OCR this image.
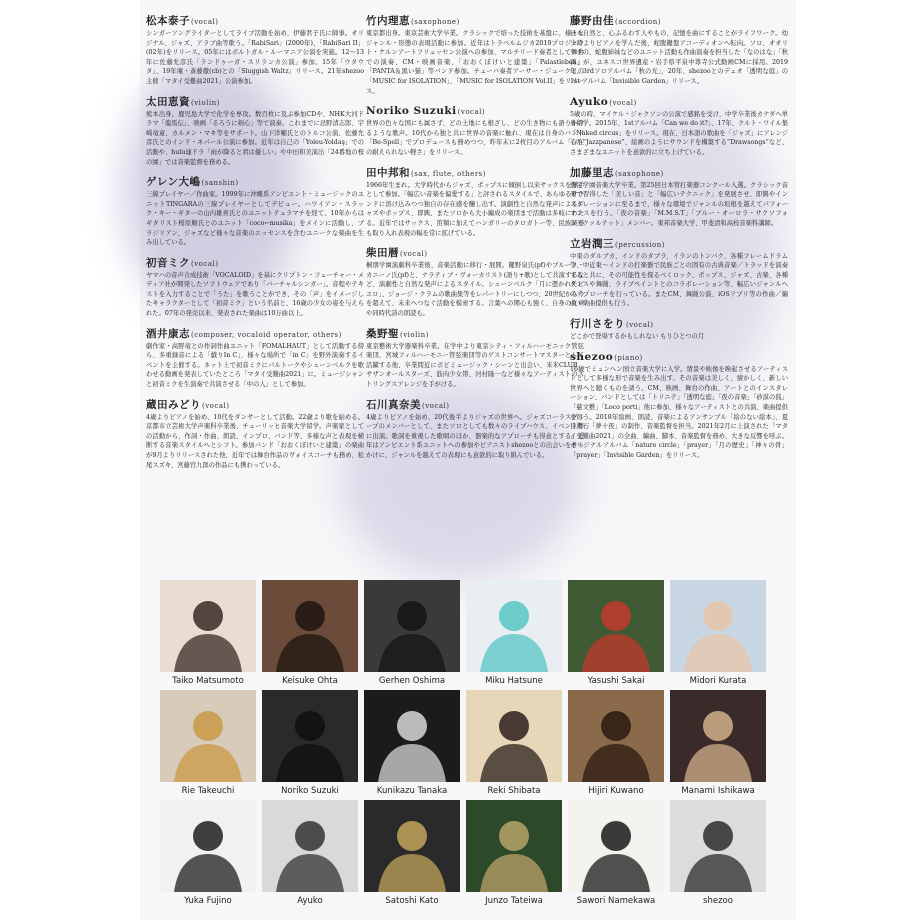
松本泰子(vocal)
シンガーソングライターとしてライブ活動を始め、伊藤君子氏に師事。オリジナル、ジャズ、アラブ曲等歌う。「RabiSari」(2000年)、「RabiSari II」(02年)をリリース。05年にはボルトガル・ルーマニア公演を実施。12〜13年に佐藤允彦氏「ランドゥーガ・スリランカ公演」参加。15年「ウタウタ」、19年庵・斎藤徹(cb)との「Sluggish Waltz」リリース。21年shezoo主催「マタイ受難曲2021」公演参加。
太田恵資(violin)
熊本出身。鹿児島大学で化学を専攻。数百枚に及ぶ参加CDや、NHK大河ドラマ「龍馬伝」、映画「るろうに剣心」等で演奏。これまでに忌野清志郎、宇崎竜童、カルメン・マキ等をサポート。山下洋輔氏とのトルコ公演、佐藤允彦氏とのインド・ネパール公演に参加。近年は自己の「Yoleu-Yoldaş」での活動や、hulu連ドラ「雨が降ると君は優しい」や中田和美演出「24番地の桜の園」では音楽監督を務める。
ゲレン大嶋(sanshin)
三線プレイヤー／作曲家。1999年に沖縄系アンビエント・ミュージックのユニットTINGARAの三線プレイヤーとしてデビュー。ハワイアン・スラック・キー・ギターの山内雄喜氏とのユニットテュラマチを経て、10年からはギタリスト桜原順氏とのユニット「coco←musika」をメインに活動し、ブラジリアン、ジャズなど様々な音楽のエッセンスを含むユニークな楽曲を生み出している。
初音ミク(vocal)
ヤマハの音声合成技術「VOCALOID」を基にクリプトン・フューチャー・メディア社が開発したソフトウェアであり「バーチャルシンガー」。音程やテキストを入力することで「うた」を歌うことができ、その「声」をイメージしたキャラクターとして「初音ミク」という名前と、16歳の少女の姿を与えられた。07年の発売以来、発表された楽曲は10万曲以上。
酒井康志(composer, vocaloid operator, others)
劇作家・高野竜との作詞作曲ユニット「FOMALHAUT」として活動する傍ら、多重録音による「戯りIn C」、様々な場所で「in C」を野外演奏するイベントを主催する。ネット上で初音ミクにパルトークやシェーンベルクを歌わせる動画を発表していたところ「マタイ受難曲2021」に。ミュージシャンと初音ミクを生演奏で共演させる「中の人」として参加。
蔵田みどり(vocal)
4歳よりピアノを始め、10代をダンサーとして活動。22歳より歌を始める。京都市立芸術大学声楽科卒業後、チューリッヒ音楽大学留学。声楽家としての活動から、作詞・作曲、朗読、インプロ、バンド等、多様な声と表現を横断する音楽スタイルへとシフト。参加バンド「おおくぼけいと建築」の楽曲が9月よりリリースされた他、近年では舞台作品のヴォイスコーチも務め、松尾スズキ、宮藤官九郎の作品にも携わっている。
竹内理恵(saxophone)
東京都出身。東京芸術大学卒業。クラシックで培った技術を基盤に、様々なジャンル・形態の表現活動に参加。近年はトラベルムジカ2019プロジェクト・ケルンアートフリュッセン公演への参加、マルチリード奏者として舞台での演奏、CM・映画音楽、「おおくぼけいと建築」「Palastleben」「PANTA＆黒い猫」等バンド参加。チューバ奏者アーサー・ジュークとの「MUSIC for ISOLATION」、「MUSIC for ISOLATION Vol.II」をリリース。
Noriko Suzuki(vocal)
世界の色々な国にも属さず、どの土地にも根ざし、どの生き物にも語りかけるような歌声。10代から独と共に世界の音楽に触れ、現在は自身のバンド「Be-Spell」でプロデュースも務めつつ、昨年末に2枚目のアルバム「存在の耐えられない軽さ」をリリース。
田中邦和(sax, flute, others)
1966年生まれ。大学時代からジャズ、ポップスに傾倒し以来サックスを弾手として参加。「幅広い音楽を偏愛する」と評されるスタイルで、あらゆるサウンドに溶け込みつつ独自の存在感を醸し出す。演劇性と自然な発声によるジャズやポップス、即興、またソロから大小編成の楽団まで活動は多岐にわたる。近年ではサックス、笛類に加えてハンガリーのタロガトー等、民族楽器も取り入れ表現の幅を常に拡げている。
柴田暦(vocal)
桐朋学園演劇科卒業後、音楽活動に移行・展開。鍵野泉氏(pf)やブルーノ・カニーノ氏(pf)と、ナラティブ・ヴォーカリスト(語り+歌)として共演するなど、演劇性と自然な発声によるスタイル。シェーンベルク「月に憑かれたピエロ」、ジョージ・クラムの歌曲集等をレパートリーにしつつ、20世紀から今を超えて、未来へつなぐ活動を模索する。言葉への関心も強く、自身の文章や同時代詩の朗読も。
桑野聖(violin)
東京藝術大学器楽科卒業。在学中より東京シティ・フィルハーモニック管弦楽団、宮城フィルハーモニー管弦楽団等のゲストコンサートマスターとして活躍する他、卒業間近にボビミュージック・シーンと出会い、米米CLUB、サザンオールスターズ、筋肉少女帯、河村隆一など様々なアーティストのストリングスアレンジを手がける。
石川真奈美(vocal)
4歳よりピアノを始め、20代後半よりジャズの世界へ。ジャズコーラスグループのメンバーとして、またソロとしても数々のライブハウス、イベント等に出演。歌詞を重視した歌唱のほか、器楽的なアプローチも得意とする。近年はアンビエント系ユニットへの参加やピアニストshezooとの出会いをきっかけに、ジャンルを越えての表現にも意欲的に取り組んでいる。
藤野由佳(accordion)
日々自然と、心ふるわす人やもの、記憶を曲にすることがライフワーク。幼少時よりピアノを学んだ後、蛇腹鍵盤アコーディオンへ転向。ソロ、オオリワタの、蛇腹姉妹などのユニット活動も作曲演奏を担当した「なのはな」「秋霖」が、ユネスコ世界遺産・岩手県平泉中尊寺公式動画CMに採用。2019年、3rdソロアルバム「秋の光」、20年、shezooとのデュオ「透明な庭」の1st アルバム「Invisible Garden」リリース。
Ayuko(vocal)
5歳の時、マイケル・ジャクソンの公演で感銘を受け、中学卒業後カナダへ単身留学。2015年、1stアルバム「Can we do it?」、17年、クルト・ワイル集「Naked circus」をリリース。現在、日本語の歌曲を「ジャズ」にアレンジした“Jazzpanese”、絵画のようにサウンドを構築する“Drawsongs”など、さまざまなユニットを意欲的に立ち上げている。
加藤里志(saxophone)
洗足学園音楽大学卒業。第25回日本管打楽器コンクール入選。クラシック音楽で習得した「美しい音」と「幅広いテクニック」を発展させ、即興やインスタレーションに至るまで、様々な環境でジャンルの垣根を越えてパフォーマンスを行う。「夜の音楽」「M.M.S.T」「ブルー・オーロラ・サクソフォン・クァルテット」メンバー。東邦音楽大学、甲斐清和高校音楽科講師。
立岩潤三(percussion)
中東のダルブカ、インドのタブラ、イランのトンバク、各種フレームドラム等、中近東〜インドの打楽器で民族ごとの固有の古典音楽／トラッドを演奏すると共に、その可能性を探るべくロック、ポップス、ジャズ、古楽、各種ダンスや舞踊、ライブペイントとのコラボレーション等、幅広いジャンルへのアプローチを行っている。またCM、舞踊公演、iOSアプリ等の作曲／編曲・楽曲提供も行う。
行川さをり(vocal)
どこかで登場するかもしれない もりひとつの月
shezoo(piano)
16歳でミュンヘン国立音楽大学に入学。情景や映像を喚起させるアーティストとして多様な形で音楽を生み出す。その音楽は美しく、懐かしく、新しい世界へと聴くものを誘う。CM、映画、舞台の作曲、アートとのインスタレーション、バンドとしては「トリニテ」「透明な庭」「夜の音楽」「砂漠の狐」「慈文藝」「Loco porti」他に参加、様々なアーティストとの共演、楽曲提供を行う。2018年絵画、朗読、音楽によるアンサンブル「絵のない絵本」、夏目漱石「夢十夜」の制作、音楽監督を担当。2021年2月に上演された「マタイ受難曲2021」の全曲、編曲、脚本、音楽監督を務め、大きな反響を呼ぶ。オリジナルアルバム「nature circle」「prayer」「月の歴史」「神々の骨」「prayer」「Invisible Garden」をリリース。
Taiko Matsumoto	Keisuke Ohta	Gerhen Oshima	Miku Hatsune	Yasushi Sakai	Midori Kurata
Rie Takeuchi	Noriko Suzuki	Kunikazu Tanaka	Reki Shibata	Hijiri Kuwano	Manami Ishikawa
Yuka Fujino	Ayuko	Satoshi Kato	Junzo Tateiwa	Sawori Namekawa	shezoo
